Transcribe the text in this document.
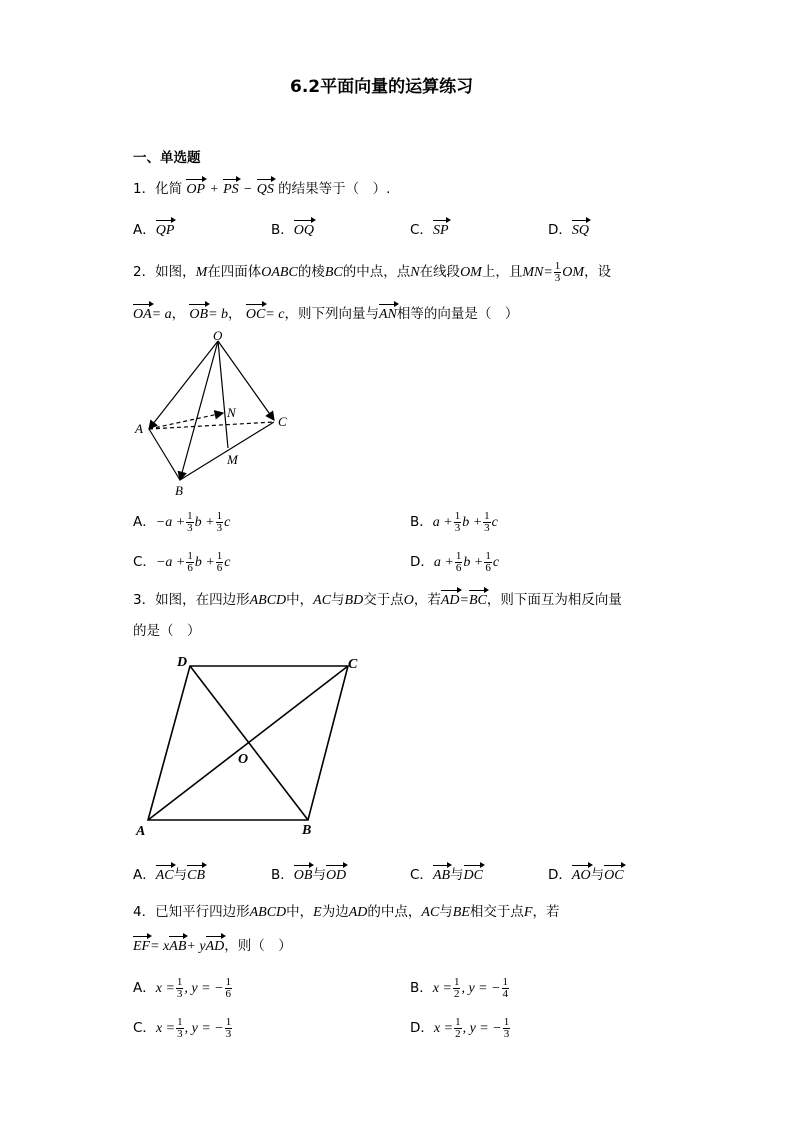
6.2平面向量的运算练习
一、单选题
1．化简 OP + PS − QS 的结果等于（　）.
A．QP	B．OQ	C．SP	D．SQ
2．如图，M在四面体OABC的棱BC的中点，点N在线段OM上，且$MN= \frac{1}{3}$ OM，设
OA= a， OB= b， OC= c，则下列向量与AN相等的向量是（　）
O
A
B
C
N
M
A．$-a + \frac{1}{3}$ $b + \frac{1}{3}$ c	B．$a + \frac{1}{3}$ $b + \frac{1}{3}$ c
C．$-a + \frac{1}{6}$ $b + \frac{1}{6}$ c	D．$a + \frac{1}{6}$ $b + \frac{1}{6}$ c
3．如图，在四边形ABCD中，AC与BD交于点O，若AD=BC，则下面互为相反向量
的是（　）
A	B
C
D
O
A．AC与CB	B．OB与OD	C．AB与DC	D．AO与OC
4．已知平行四边形ABCD中，E为边AD的中点，AC与BE相交于点F，若
EF= xAB+ yAD，则（　）
A．$x = \frac{1}{3}$ , y = − $\frac{1}{6}$	B．$x = \frac{1}{2}$ , y = − $\frac{1}{4}$
C．$x = \frac{1}{3}$ , y = − $\frac{1}{3}$	D．$x = \frac{1}{2}$ , y = − $\frac{1}{3}$
